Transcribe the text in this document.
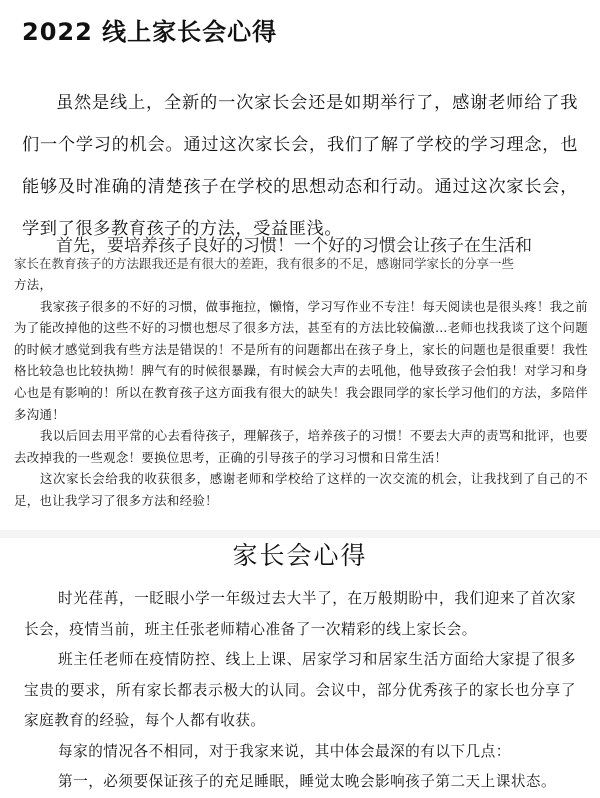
2022 线上家长会心得

虽然是线上，全新的一次家长会还是如期举行了，感谢老师给了我们一个学习的机会。通过这次家长会，我们了解了学校的学习理念，也能够及时准确的清楚孩子在学校的思想动态和行动。通过这次家长会，学到了很多教育孩子的方法，受益匪浅。

首先，要培养孩子良好的习惯！一个好的习惯会让孩子在生活和
家长在教育孩子的方法跟我还是有很大的差距，我有很多的不足，感谢同学家长的分享一些

方法，

我家孩子很多的不好的习惯，做事拖拉，懒惰，学习写作业不专注！每天阅读也是很头疼！我之前为了能改掉他的这些不好的习惯也想尽了很多方法，甚至有的方法比较偏激…老师也找我谈了这个问题的时候才感觉到我有些方法是错误的！不是所有的问题都出在孩子身上，家长的问题也是很重要！我性格比较急也比较执拗！脾气有的时候很暴躁，有时候会大声的去吼他，他导致孩子会怕我！对学习和身心也是有影响的！所以在教育孩子这方面我有很大的缺失！我会跟同学的家长学习他们的方法，多陪伴多沟通！

我以后回去用平常的心去看待孩子，理解孩子，培养孩子的习惯！不要去大声的责骂和批评，也要去改掉我的一些观念！要换位思考，正确的引导孩子的学习习惯和日常生活！

这次家长会给我的收获很多，感谢老师和学校给了这样的一次交流的机会，让我找到了自己的不足，也让我学习了很多方法和经验！

家长会心得

时光荏苒，一眨眼小学一年级过去大半了，在万般期盼中，我们迎来了首次家长会，疫情当前，班主任张老师精心准备了一次精彩的线上家长会。

班主任老师在疫情防控、线上上课、居家学习和居家生活方面给大家提了很多宝贵的要求，所有家长都表示极大的认同。会议中，部分优秀孩子的家长也分享了家庭教育的经验，每个人都有收获。

每家的情况各不相同，对于我家来说，其中体会最深的有以下几点：

第一，必须要保证孩子的充足睡眠，睡觉太晚会影响孩子第二天上课状态。
